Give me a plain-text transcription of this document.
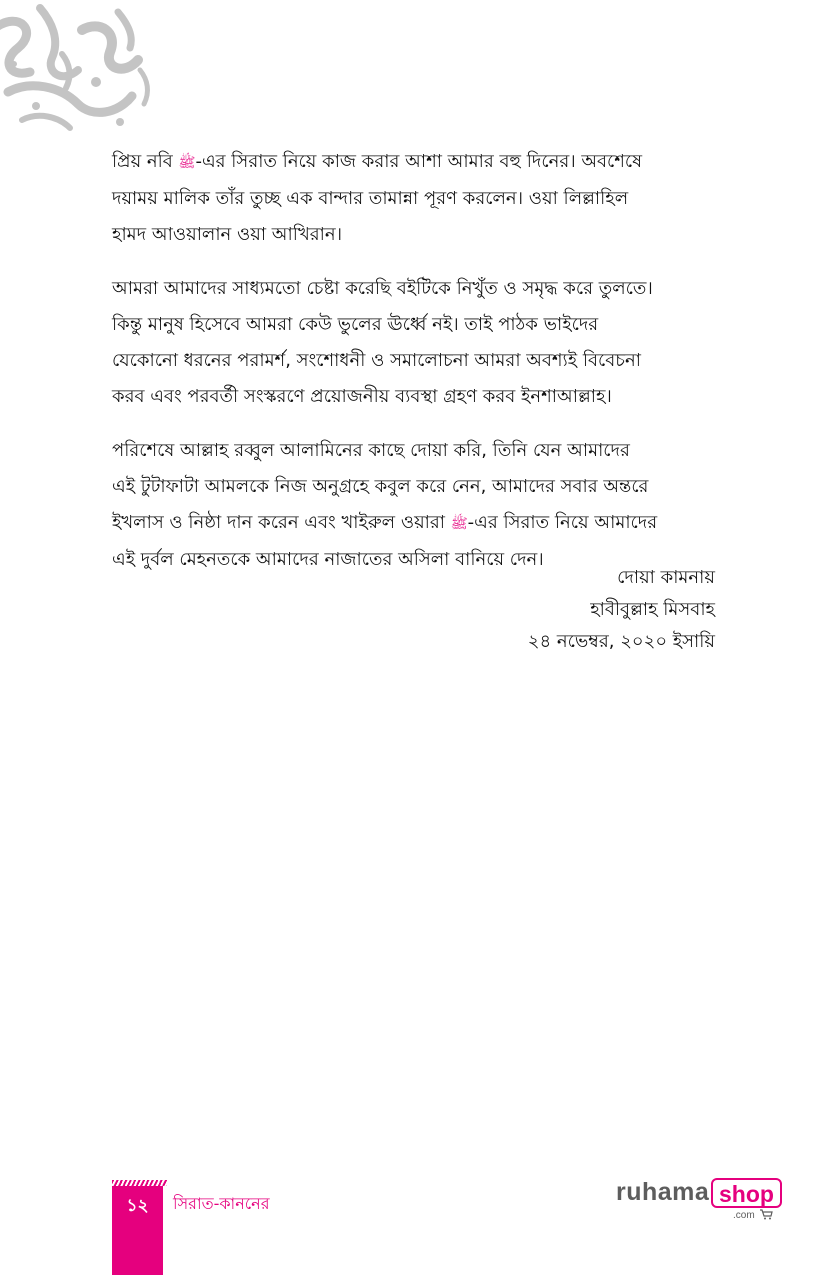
প্রিয় নবি ﷺ-এর সিরাত নিয়ে কাজ করার আশা আমার বহু দিনের। অবশেষে
দয়াময় মালিক তাঁর তুচ্ছ এক বান্দার তামান্না পূরণ করলেন। ওয়া লিল্লাহিল
হামদ আওয়ালান ওয়া আখিরান।

আমরা আমাদের সাধ্যমতো চেষ্টা করেছি বইটিকে নিখুঁত ও সমৃদ্ধ করে তুলতে।
কিন্তু মানুষ হিসেবে আমরা কেউ ভুলের ঊর্ধ্বে নই। তাই পাঠক ভাইদের
যেকোনো ধরনের পরামর্শ, সংশোধনী ও সমালোচনা আমরা অবশ্যই বিবেচনা
করব এবং পরবর্তী সংস্করণে প্রয়োজনীয় ব্যবস্থা গ্রহণ করব ইনশাআল্লাহ।

পরিশেষে আল্লাহ রব্বুল আলামিনের কাছে দোয়া করি, তিনি যেন আমাদের
এই টুটাফাটা আমলকে নিজ অনুগ্রহে কবুল করে নেন, আমাদের সবার অন্তরে
ইখলাস ও নিষ্ঠা দান করেন এবং খাইরুল ওয়ারা ﷺ-এর সিরাত নিয়ে আমাদের
এই দুর্বল মেহনতকে আমাদের নাজাতের অসিলা বানিয়ে দেন।

দোয়া কামনায়
হাবীবুল্লাহ মিসবাহ
২৪ নভেম্বর, ২০২০ ইসায়ি
১২	সিরাত-কাননের	ruhama shop
.com
